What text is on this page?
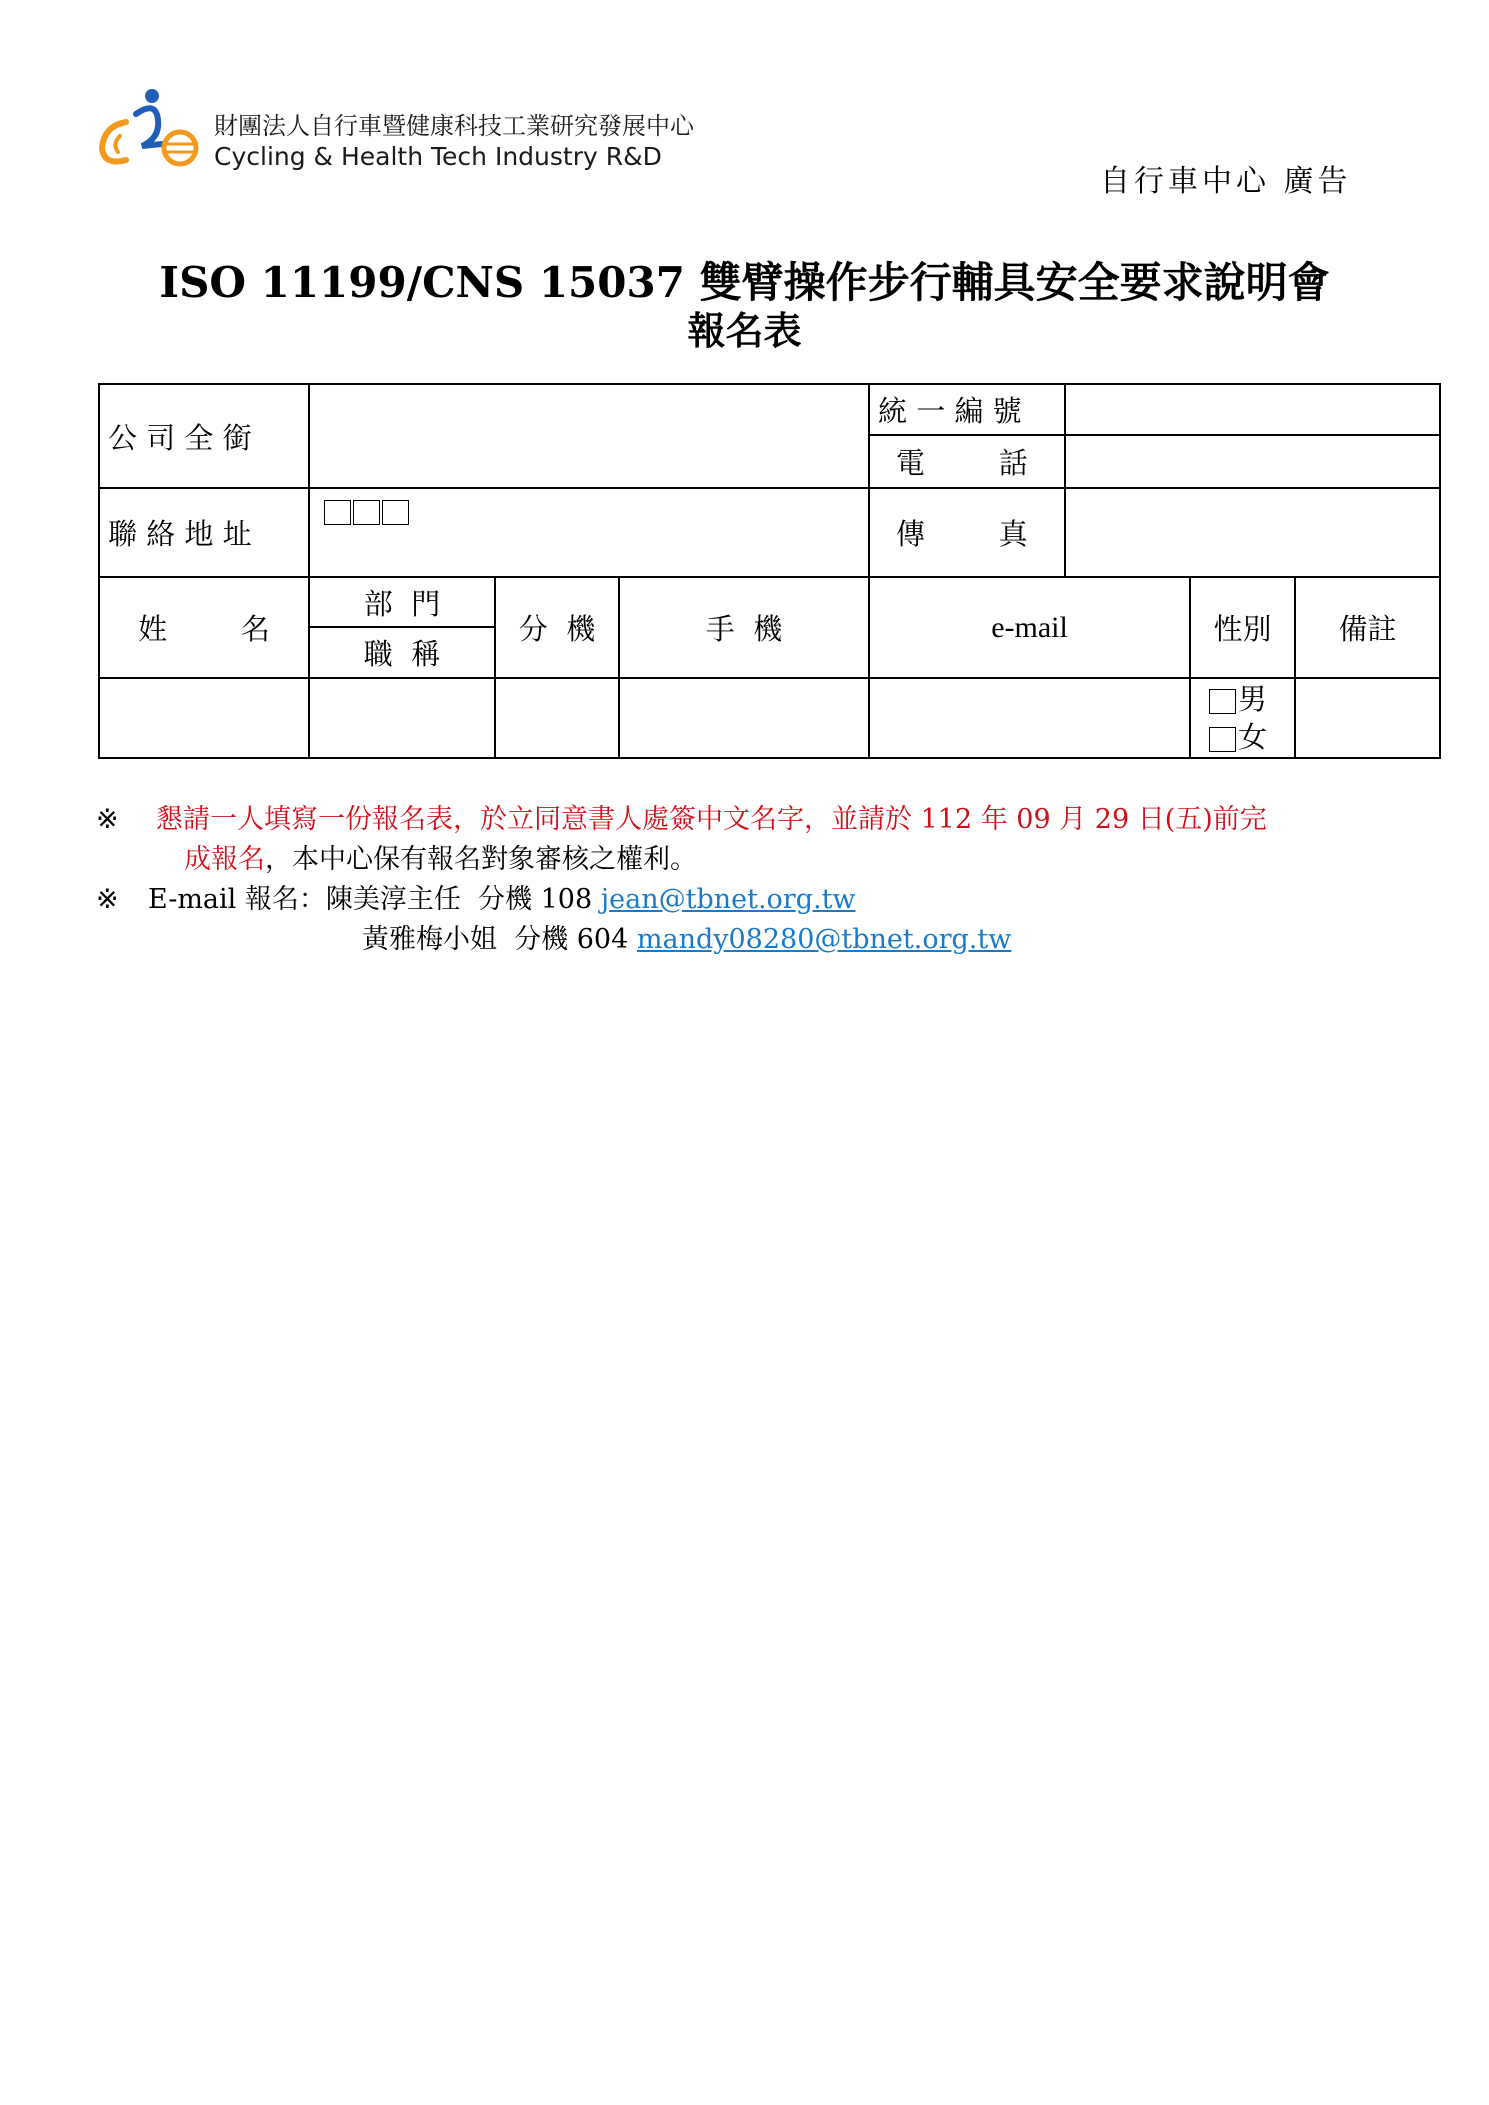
財團法人自行車暨健康科技工業研究發展中心
Cycling & Health Tech Industry R&D
自行車中心 廣告
ISO 11199/CNS 15037 雙臂操作步行輔具安全要求說明會
報名表
公 司 全 銜				統 一 編 號			
				電        話			
聯 絡 地 址				傳        真			
姓        名	部  門	分  機	手  機	e-mail		性別	備註
	職  稱						

						男
女	

※ 懇請一人填寫一份報名表，於立同意書人處簽中文名字，並請於 112 年 09 月 29 日(五)前完
成報名，本中心保有報名對象審核之權利。
※ E-mail 報名：陳美淳主任  分機 108 jean@tbnet.org.tw
黃雅梅小姐  分機 604 mandy08280@tbnet.org.tw
